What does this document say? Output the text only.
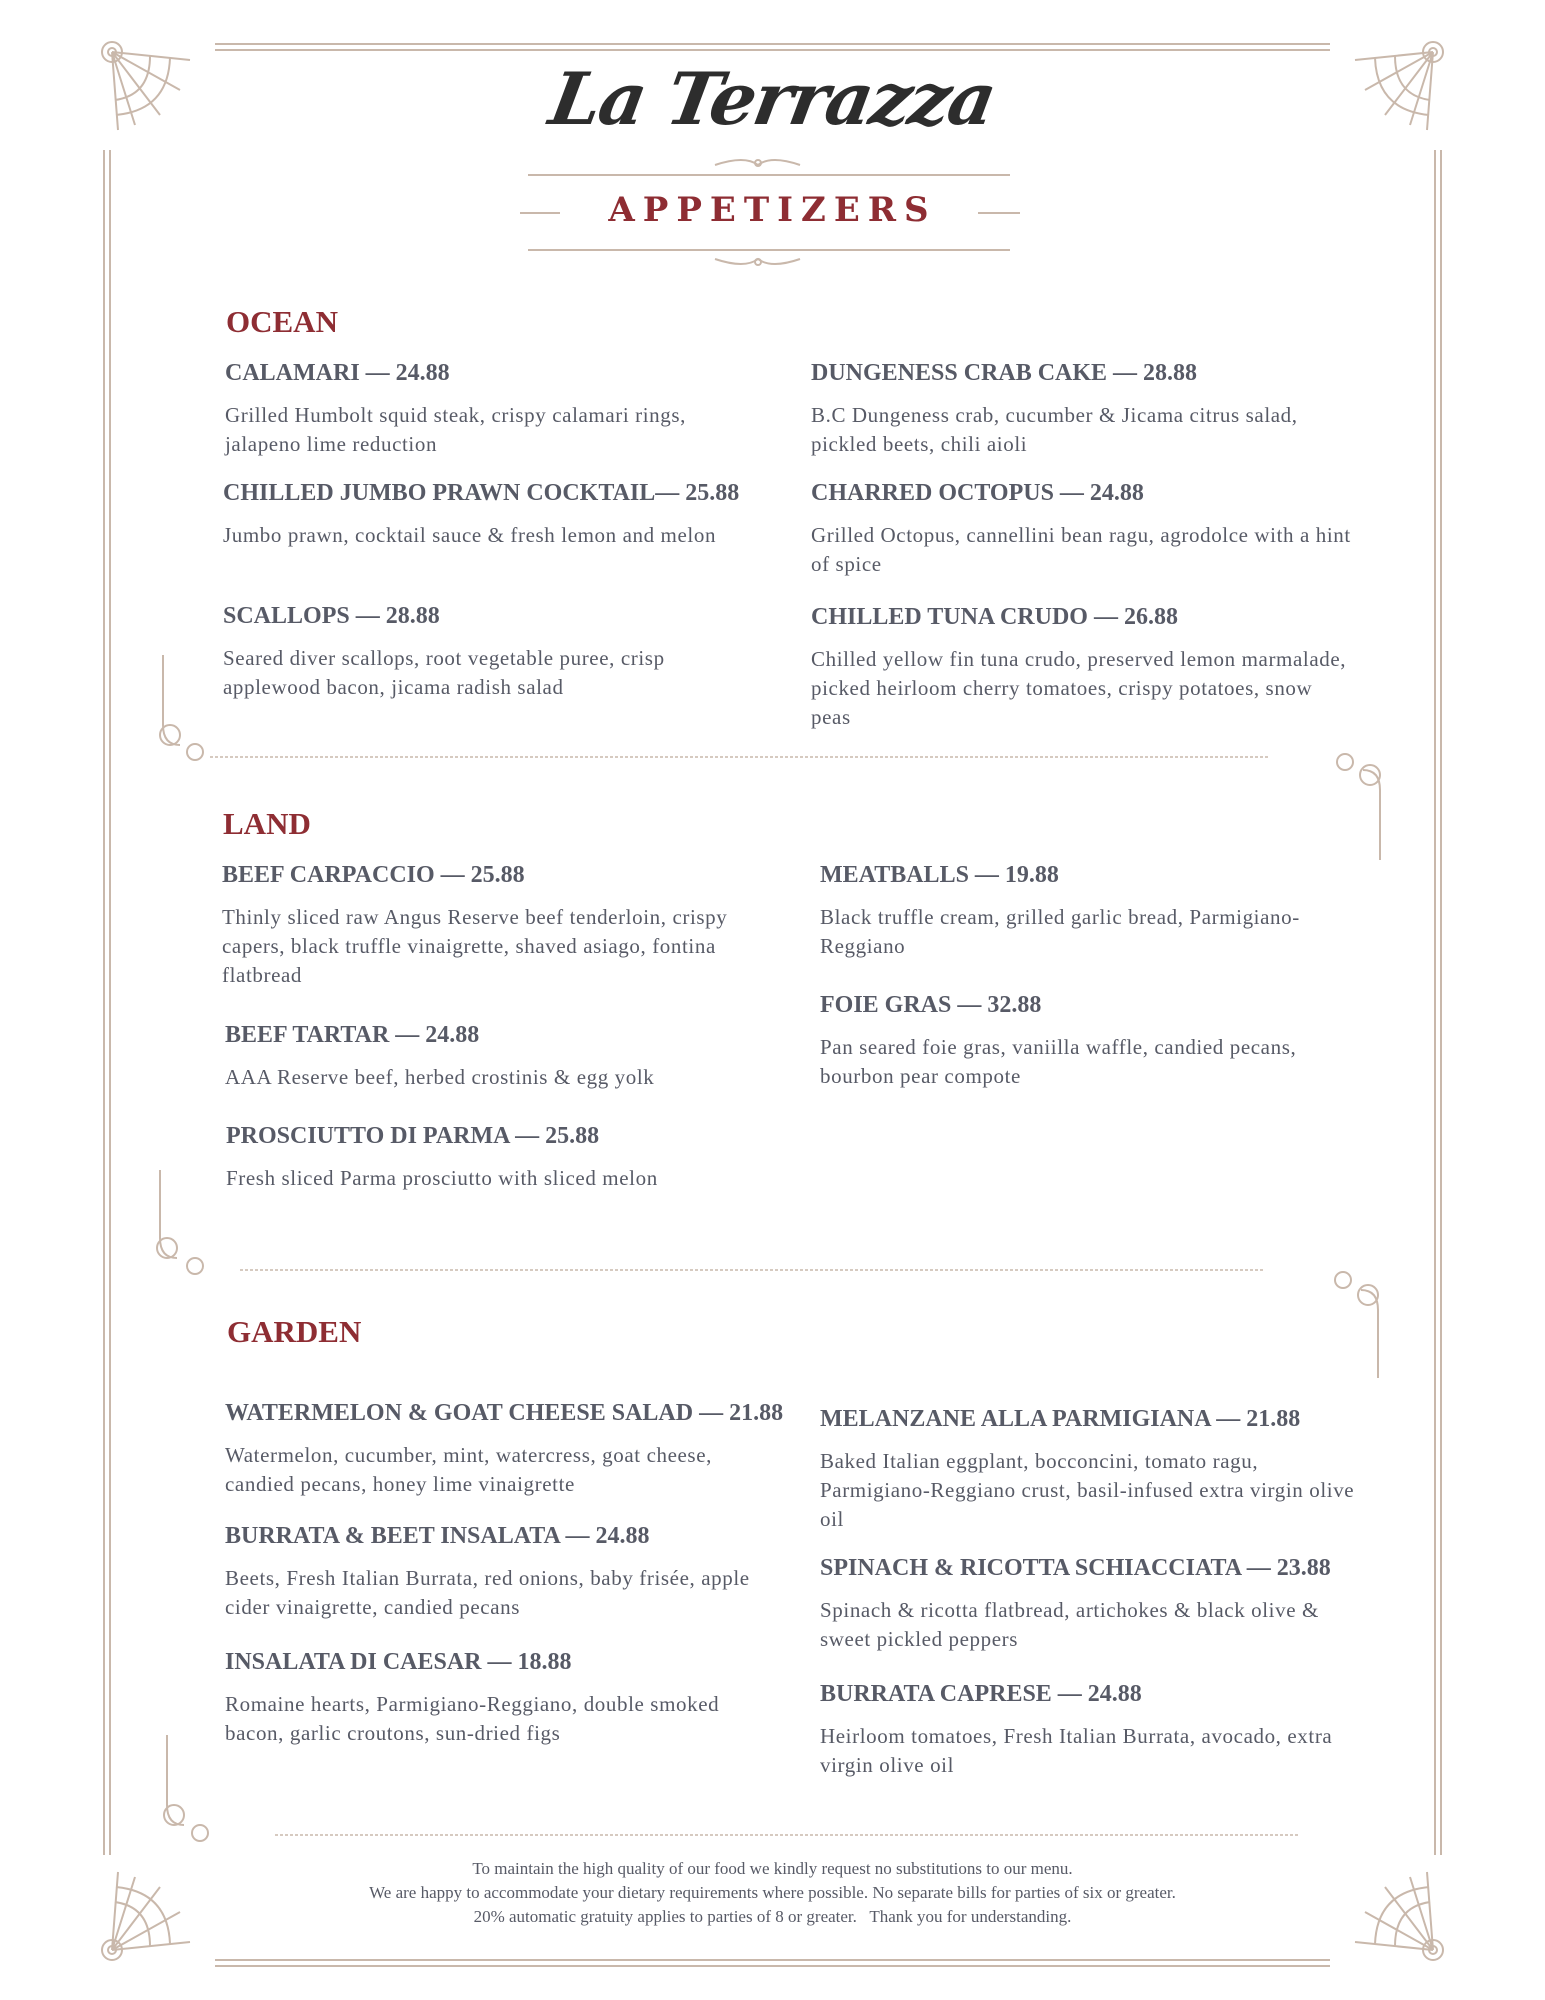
La Terrazza
APPETIZERS
OCEAN

CALAMARI — 24.88

Grilled Humbolt squid steak, crispy calamari rings, jalapeno lime reduction

CHILLED JUMBO PRAWN COCKTAIL— 25.88

Jumbo prawn, cocktail sauce & fresh lemon and melon

SCALLOPS — 28.88

Seared diver scallops, root vegetable puree, crisp applewood bacon, jicama radish salad

DUNGENESS CRAB CAKE — 28.88

B.C Dungeness crab, cucumber & Jicama citrus salad, pickled beets, chili aioli

CHARRED OCTOPUS — 24.88

Grilled Octopus, cannellini bean ragu, agrodolce with a hint of spice

CHILLED TUNA CRUDO — 26.88

Chilled yellow fin tuna crudo, preserved lemon marmalade, picked heirloom cherry tomatoes, crispy potatoes, snow peas

LAND

BEEF CARPACCIO — 25.88

Thinly sliced raw Angus Reserve beef tenderloin, crispy capers, black truffle vinaigrette, shaved asiago, fontina flatbread

BEEF TARTAR — 24.88

AAA Reserve beef, herbed crostinis & egg yolk

PROSCIUTTO DI PARMA — 25.88

Fresh sliced Parma prosciutto with sliced melon

MEATBALLS — 19.88

Black truffle cream, grilled garlic bread, Parmigiano-Reggiano

FOIE GRAS — 32.88

Pan seared foie gras, vaniilla waffle, candied pecans, bourbon pear compote

GARDEN

WATERMELON & GOAT CHEESE SALAD — 21.88

Watermelon, cucumber, mint, watercress, goat cheese, candied pecans, honey lime vinaigrette

BURRATA & BEET INSALATA — 24.88

Beets, Fresh Italian Burrata, red onions, baby frisée, apple cider vinaigrette, candied pecans

INSALATA DI CAESAR — 18.88

Romaine hearts, Parmigiano-Reggiano, double smoked bacon, garlic croutons, sun-dried figs

MELANZANE ALLA PARMIGIANA — 21.88

Baked Italian eggplant, bocconcini, tomato ragu, Parmigiano-Reggiano crust, basil-infused extra virgin olive oil

SPINACH & RICOTTA SCHIACCIATA — 23.88

Spinach & ricotta flatbread, artichokes & black olive & sweet pickled peppers

BURRATA CAPRESE — 24.88

Heirloom tomatoes, Fresh Italian Burrata, avocado, extra virgin olive oil

To maintain the high quality of our food we kindly request no substitutions to our menu.
We are happy to accommodate your dietary requirements where possible. No separate bills for parties of six or greater.
20% automatic gratuity applies to parties of 8 or greater.   Thank you for understanding.
